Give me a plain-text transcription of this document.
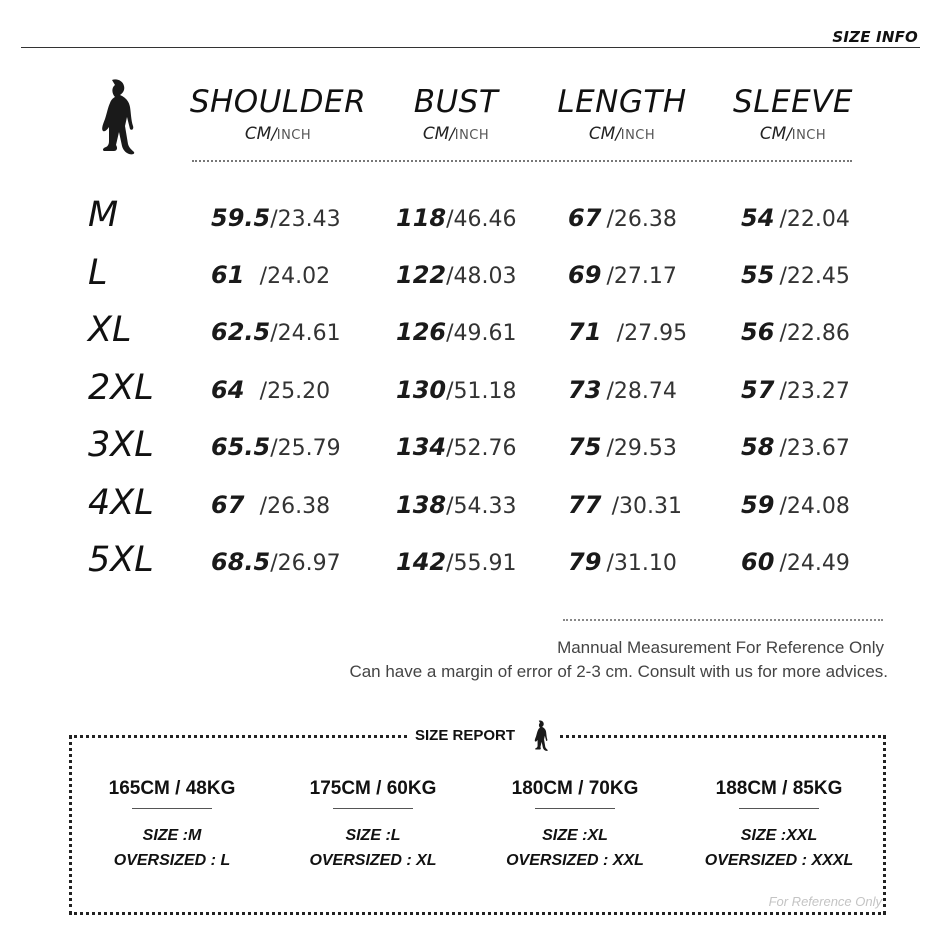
SIZE INFO
SHOULDER
CM/INCH
BUST
CM/INCH
LENGTH
CM/INCH
SLEEVE
CM/INCH
M	59.5/23.43 118/46.46 67 /26.38	54 /22.04
L	61 /24.02	122/48.03 69 /27.17	55 /22.45
XL	62.5/24.61 126/49.61 71 /27.95 56 /22.86
2XL	64 /25.20	130/51.18 73 /28.74	57 /23.27
3XL	65.5/25.79 134/52.76 75 /29.53	58 /23.67
4XL	67 /26.38	138/54.33 77 /30.31 59 /24.08
5XL	68.5/26.97 142/55.91 79 /31.10	60 /24.49
Mannual Measurement For Reference Only
Can have a margin of error of 2-3 cm. Consult with us for more advices.
SIZE REPORT
165CM / 48KG
SIZE :M
OVERSIZED : L
175CM / 60KG
SIZE :L
OVERSIZED : XL
180CM / 70KG
SIZE :XL
OVERSIZED : XXL
188CM / 85KG
SIZE :XXL
OVERSIZED : XXXL
For Reference Only
